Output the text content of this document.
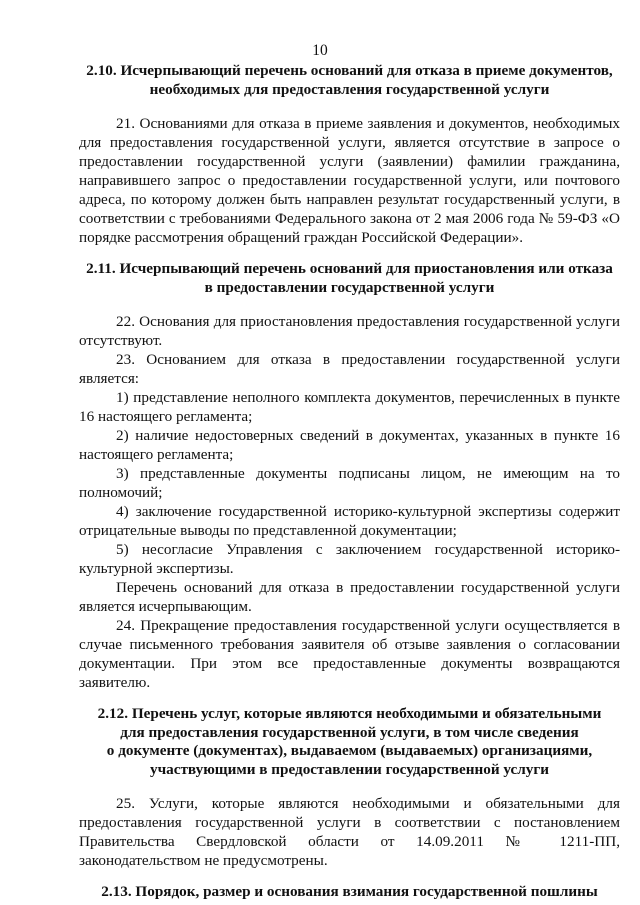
10

2.10. Исчерпывающий перечень оснований для отказа в приеме документов,
необходимых для предоставления государственной услуги

21. Основаниями для отказа в приеме заявления и документов, необходимых для предоставления государственной услуги, является отсутствие в запросе о предоставлении государственной услуги (заявлении) фамилии гражданина, направившего запрос о предоставлении государственной услуги, или почтового адреса, по которому должен быть направлен результат государственный услуги, в соответствии с требованиями Федерального закона от 2 мая 2006 года № 59-ФЗ «О порядке рассмотрения обращений граждан Российской Федерации».

2.11. Исчерпывающий перечень оснований для приостановления или отказа
в предоставлении государственной услуги

22. Основания для приостановления предоставления государственной услуги отсутствуют.

23. Основанием для отказа в предоставлении государственной услуги является:

1) представление неполного комплекта документов, перечисленных в пункте 16 настоящего регламента;

2) наличие недостоверных сведений в документах, указанных в пункте 16 настоящего регламента;

3) представленные документы подписаны лицом, не имеющим на то полномочий;

4) заключение государственной историко-культурной экспертизы содержит отрицательные выводы по представленной документации;

5) несогласие Управления с заключением государственной историко-культурной экспертизы.

Перечень оснований для отказа в предоставлении государственной услуги является исчерпывающим.

24. Прекращение предоставления государственной услуги осуществляется в случае письменного требования заявителя об отзыве заявления о согласовании документации. При этом все предоставленные документы возвращаются заявителю.

2.12. Перечень услуг, которые являются необходимыми и обязательными
для предоставления государственной услуги, в том числе сведения
о документе (документах), выдаваемом (выдаваемых) организациями,
участвующими в предоставлении государственной услуги

25. Услуги, которые являются необходимыми и обязательными для предоставления государственной услуги в соответствии с постановлением Правительства Свердловской области от 14.09.2011 № 1211-ПП, законодательством не предусмотрены.

2.13. Порядок, размер и основания взимания государственной пошлины
